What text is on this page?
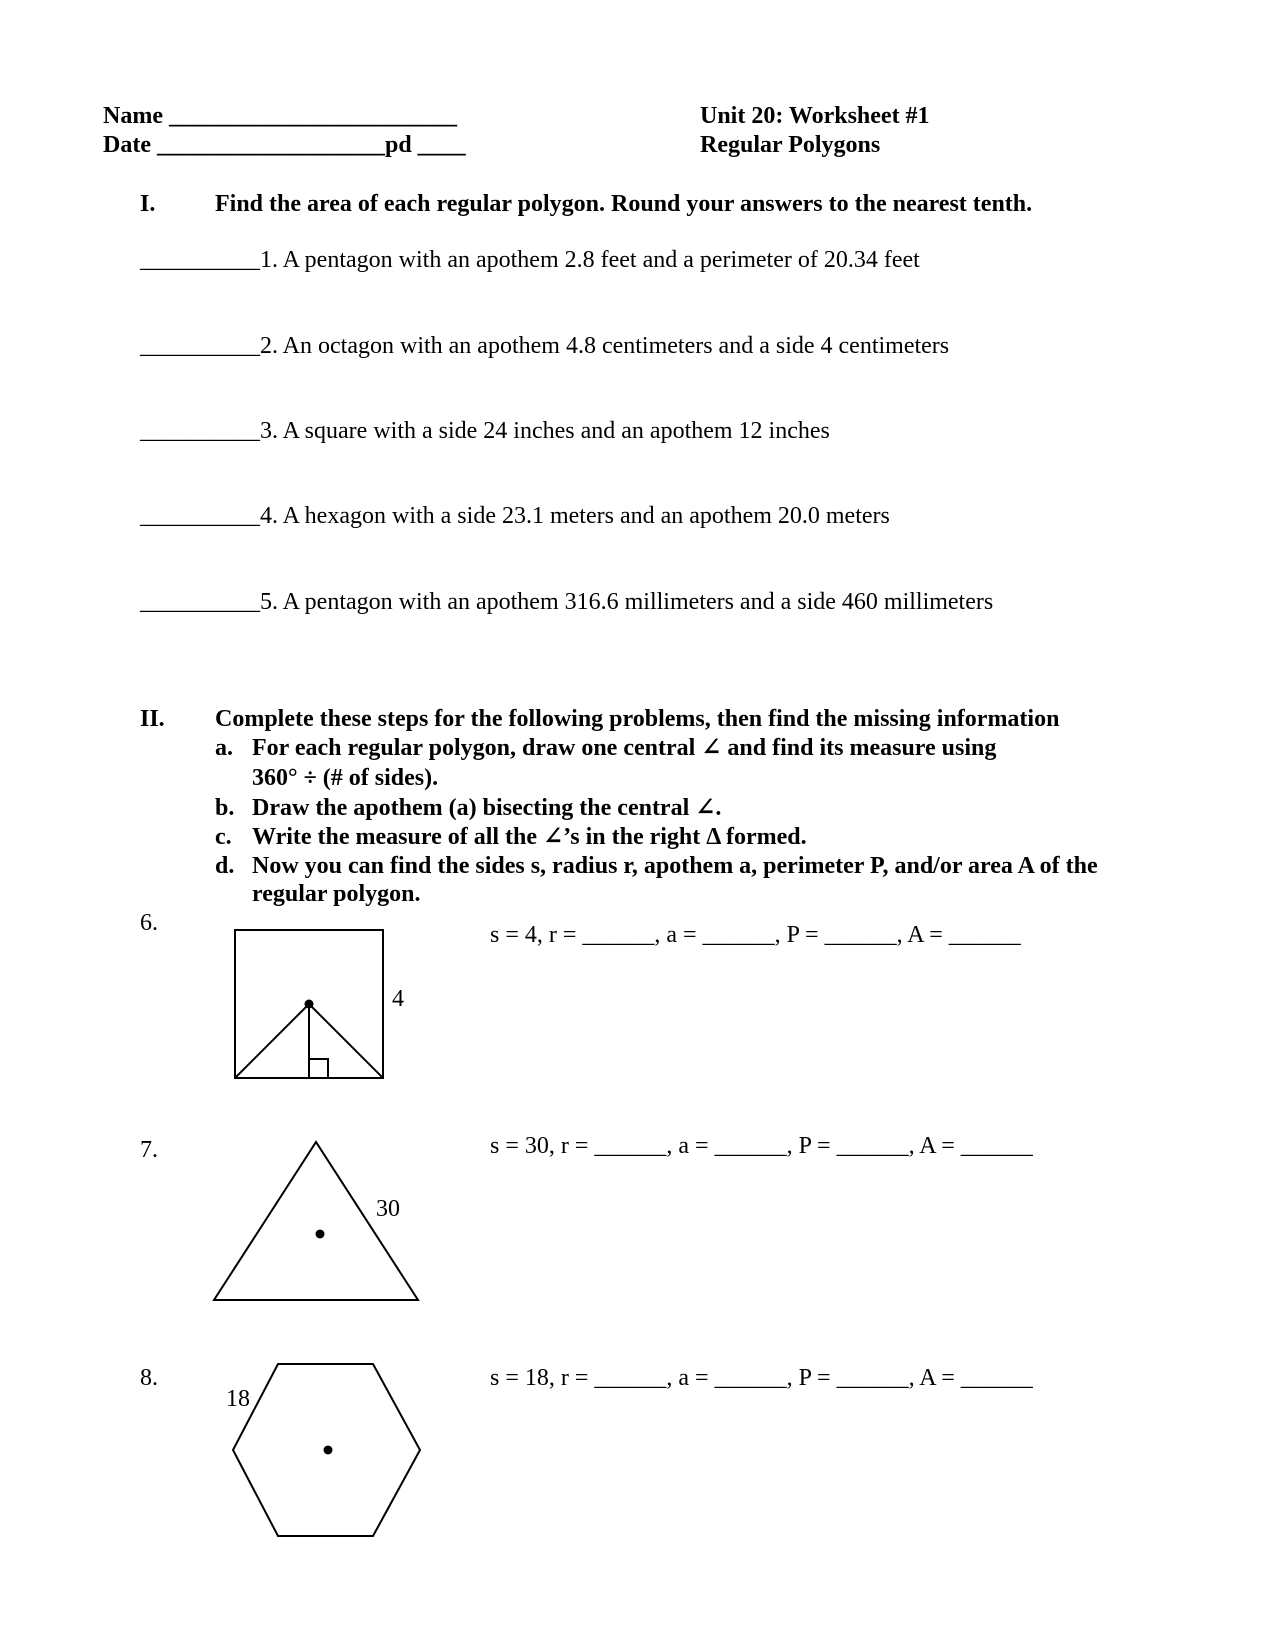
Name ________________________
Date ___________________pd ____
Unit 20: Worksheet #1
Regular Polygons
I. Find the area of each regular polygon. Round your answers to the nearest tenth.
__________1. A pentagon with an apothem 2.8 feet and a perimeter of 20.34 feet
__________2. An octagon with an apothem 4.8 centimeters and a side 4 centimeters
__________3. A square with a side 24 inches and an apothem 12 inches
__________4. A hexagon with a side 23.1 meters and an apothem 20.0 meters
__________5. A pentagon with an apothem 316.6 millimeters and a side 460 millimeters
II. Complete these steps for the following problems, then find the missing information
a. For each regular polygon, draw one central ∠ and find its measure using
360° ÷ (# of sides).
b. Draw the apothem (a) bisecting the central ∠.
c. Write the measure of all the ∠’s in the right Δ formed.
d. Now you can find the sides s, radius r, apothem a, perimeter P, and/or area A of the
regular polygon.
6.
4
s = 4, r = ______, a = ______, P = ______, A = ______
7.
30
s = 30, r = ______, a = ______, P = ______, A = ______
8.
18
s = 18, r = ______, a = ______, P = ______, A = ______
